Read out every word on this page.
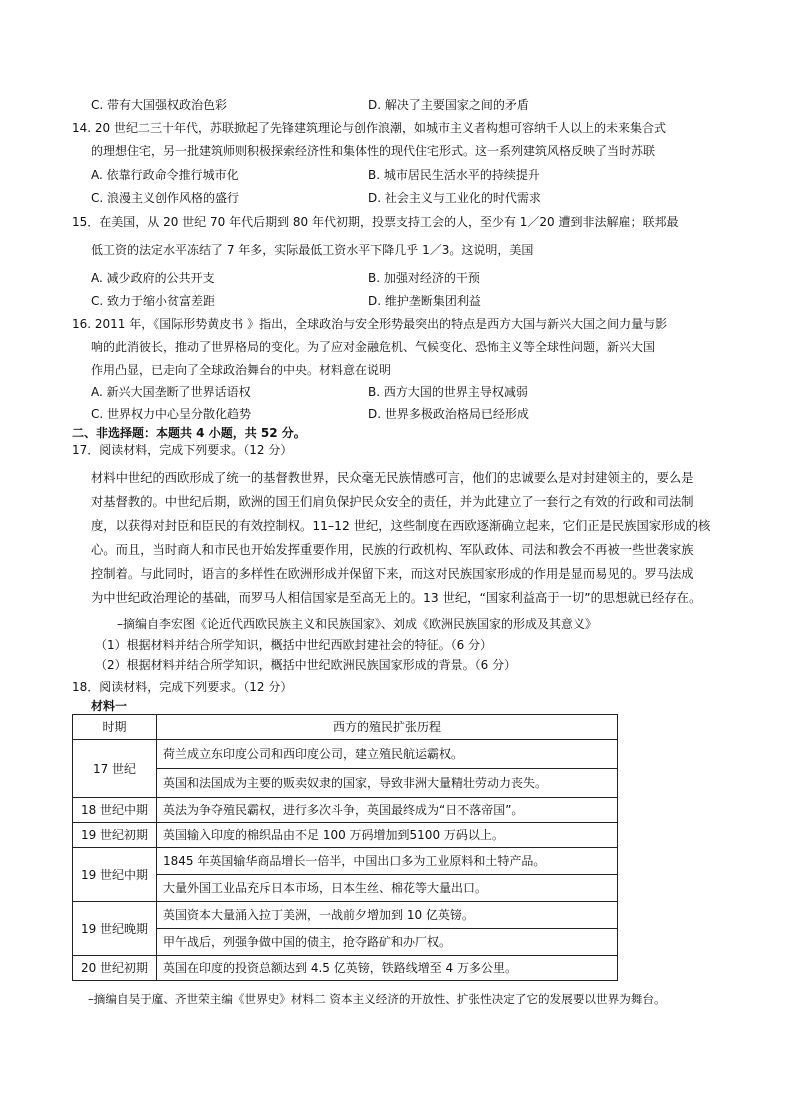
C. 带有大国强权政治色彩	D. 解决了主要国家之间的矛盾
14. 20 世纪二三十年代，苏联掀起了先锋建筑理论与创作浪潮，如城市主义者构想可容纳千人以上的未来集合式
的理想住宅，另一批建筑师则积极探索经济性和集体性的现代住宅形式。这一系列建筑风格反映了当时苏联
A. 依靠行政命令推行城市化	B. 城市居民生活水平的持续提升
C. 浪漫主义创作风格的盛行	D. 社会主义与工业化的时代需求
15．在美国，从 20 世纪 70 年代后期到 80 年代初期，投票支持工会的人，至少有 1／20 遭到非法解雇；联邦最
低工资的法定水平冻结了 7 年多，实际最低工资水平下降几乎 1／3。这说明，美国
A. 减少政府的公共开支	B. 加强对经济的干预
C. 致力于缩小贫富差距	D. 维护垄断集团利益
16. 2011 年，《国际形势黄皮书 》指出，全球政治与安全形势最突出的特点是西方大国与新兴大国之间力量与影
响的此消彼长，推动了世界格局的变化。为了应对金融危机、气候变化、恐怖主义等全球性问题，新兴大国
作用凸显，已走向了全球政治舞台的中央。材料意在说明
A. 新兴大国垄断了世界话语权	B. 西方大国的世界主导权减弱
C. 世界权力中心呈分散化趋势	D. 世界多极政治格局已经形成
二、非选择题：本题共 4 小题，共 52 分。
17．阅读材料，完成下列要求。（12 分）
材料中世纪的西欧形成了统一的基督教世界，民众毫无民族情感可言，他们的忠诚要么是对封建领主的，要么是
对基督教的。中世纪后期，欧洲的国王们肩负保护民众安全的责任，并为此建立了一套行之有效的行政和司法制
度，以获得对封臣和臣民的有效控制权。11–12 世纪，这些制度在西欧逐渐确立起来，它们正是民族国家形成的核
心。而且，当时商人和市民也开始发挥重要作用，民族的行政机构、军队政体、司法和教会不再被一些世袭家族
控制着。与此同时，语言的多样性在欧洲形成并保留下来，而这对民族国家形成的作用是显而易见的。罗马法成
为中世纪政治理论的基础，而罗马人相信国家是至高无上的。13 世纪，“国家利益高于一切”的思想就已经存在。
–摘编自李宏图《论近代西欧民族主义和民族国家》、刘成《欧洲民族国家的形成及其意义》
（1）根据材料并结合所学知识，概括中世纪西欧封建社会的特征。（6 分）
（2）根据材料并结合所学知识，概括中世纪欧洲民族国家形成的背景。（6 分）
18．阅读材料，完成下列要求。（12 分）
材料一
时期	西方的殖民扩张历程
17 世纪	荷兰成立东印度公司和西印度公司，建立殖民航运霸权。
	英国和法国成为主要的贩卖奴隶的国家，导致非洲大量精壮劳动力丧失。
18 世纪中期	英法为争夺殖民霸权，进行多次斗争，英国最终成为“日不落帝国”。
19 世纪初期	英国输入印度的棉织品由不足 100 万码增加到5100 万码以上。
19 世纪中期	1845 年英国输华商品增长一倍半，中国出口多为工业原料和土特产品。
	大量外国工业品充斥日本市场，日本生丝、棉花等大量出口。
19 世纪晚期	英国资本大量涌入拉丁美洲，一战前夕增加到 10 亿英镑。
	甲午战后，列强争做中国的债主，抢夺路矿和办厂权。
20 世纪初期	英国在印度的投资总额达到 4.5 亿英镑，铁路线增至 4 万多公里。
–摘编自吴于廑、齐世荣主编《世界史》材料二 资本主义经济的开放性、扩张性决定了它的发展要以世界为舞台。
